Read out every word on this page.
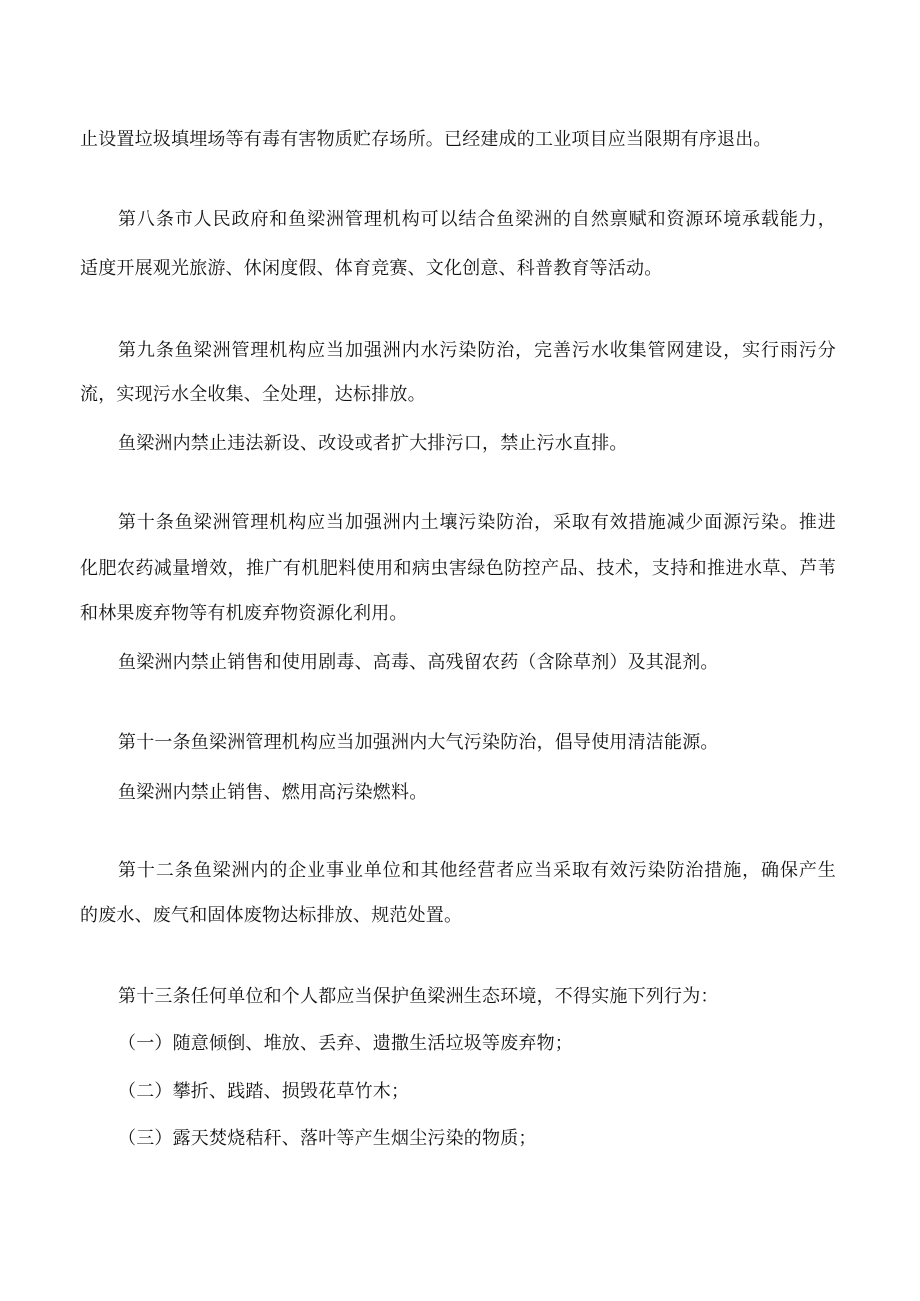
止设置垃圾填埋场等有毒有害物质贮存场所。已经建成的工业项目应当限期有序退出。
第八条市人民政府和鱼梁洲管理机构可以结合鱼梁洲的自然禀赋和资源环境承载能力，
适度开展观光旅游、休闲度假、体育竞赛、文化创意、科普教育等活动。
第九条鱼梁洲管理机构应当加强洲内水污染防治，完善污水收集管网建设，实行雨污分
流，实现污水全收集、全处理，达标排放。
鱼梁洲内禁止违法新设、改设或者扩大排污口，禁止污水直排。
第十条鱼梁洲管理机构应当加强洲内土壤污染防治，采取有效措施减少面源污染。推进
化肥农药减量增效，推广有机肥料使用和病虫害绿色防控产品、技术，支持和推进水草、芦苇
和林果废弃物等有机废弃物资源化利用。
鱼梁洲内禁止销售和使用剧毒、高毒、高残留农药（含除草剂）及其混剂。
第十一条鱼梁洲管理机构应当加强洲内大气污染防治，倡导使用清洁能源。
鱼梁洲内禁止销售、燃用高污染燃料。
第十二条鱼梁洲内的企业事业单位和其他经营者应当采取有效污染防治措施，确保产生
的废水、废气和固体废物达标排放、规范处置。
第十三条任何单位和个人都应当保护鱼梁洲生态环境，不得实施下列行为：
（一）随意倾倒、堆放、丢弃、遗撒生活垃圾等废弃物；
（二）攀折、践踏、损毁花草竹木；
（三）露天焚烧秸秆、落叶等产生烟尘污染的物质；
